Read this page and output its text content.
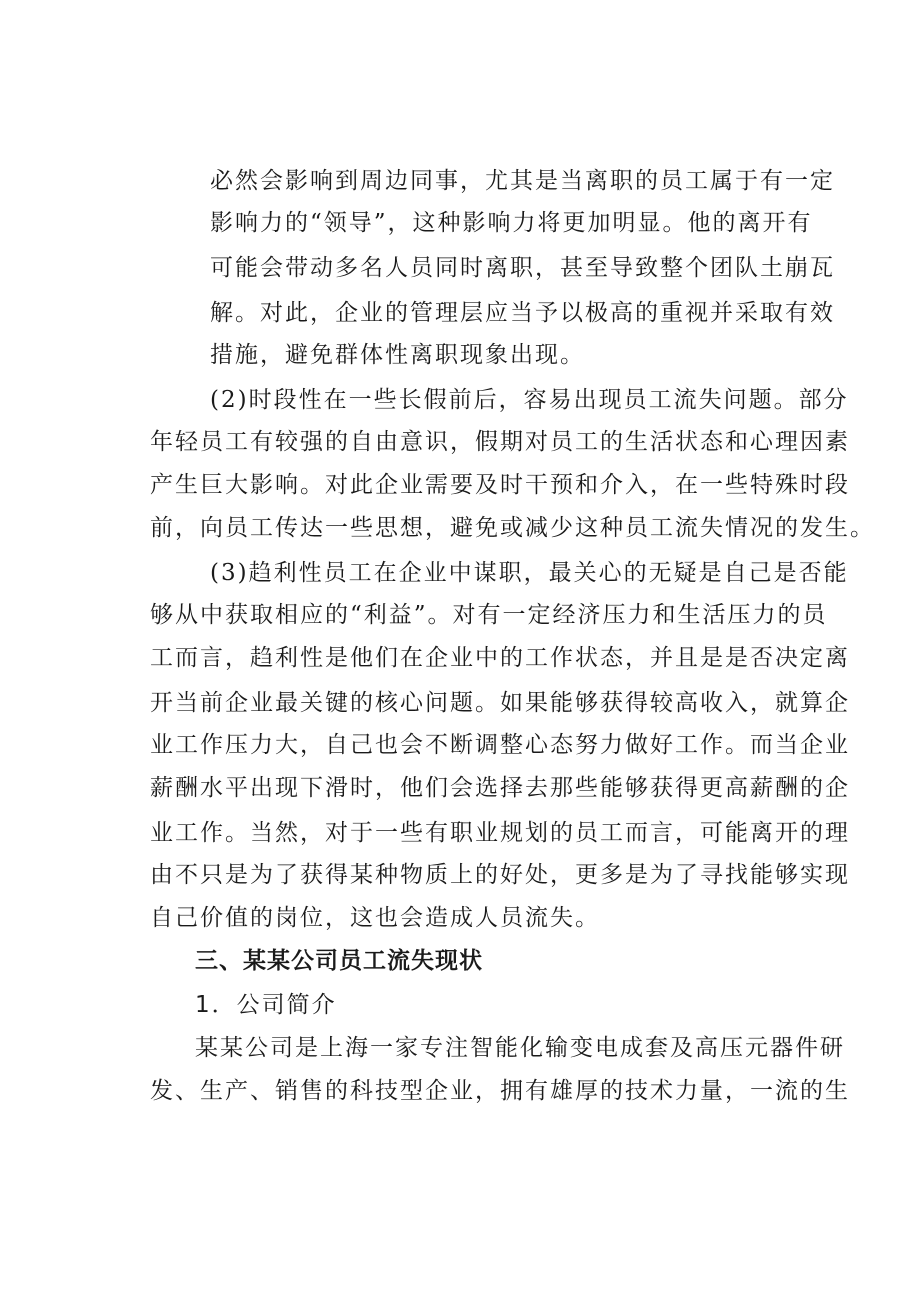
必然会影响到周边同事，尤其是当离职的员工属于有一定
影响力的“领导”，这种影响力将更加明显。他的离开有
可能会带动多名人员同时离职，甚至导致整个团队土崩瓦
解。对此，企业的管理层应当予以极高的重视并采取有效
措施，避免群体性离职现象出现。
(2)时段性在一些长假前后，容易出现员工流失问题。部分
年轻员工有较强的自由意识，假期对员工的生活状态和心理因素
产生巨大影响。对此企业需要及时干预和介入，在一些特殊时段
前，向员工传达一些思想，避免或减少这种员工流失情况的发生。
(3)趋利性员工在企业中谋职，最关心的无疑是自己是否能
够从中获取相应的“利益”。对有一定经济压力和生活压力的员
工而言，趋利性是他们在企业中的工作状态，并且是是否决定离
开当前企业最关键的核心问题。如果能够获得较高收入，就算企
业工作压力大，自己也会不断调整心态努力做好工作。而当企业
薪酬水平出现下滑时，他们会选择去那些能够获得更高薪酬的企
业工作。当然，对于一些有职业规划的员工而言，可能离开的理
由不只是为了获得某种物质上的好处，更多是为了寻找能够实现
自己价值的岗位，这也会造成人员流失。
三、某某公司员工流失现状
1．公司简介
某某公司是上海一家专注智能化输变电成套及高压元器件研
发、生产、销售的科技型企业，拥有雄厚的技术力量，一流的生
